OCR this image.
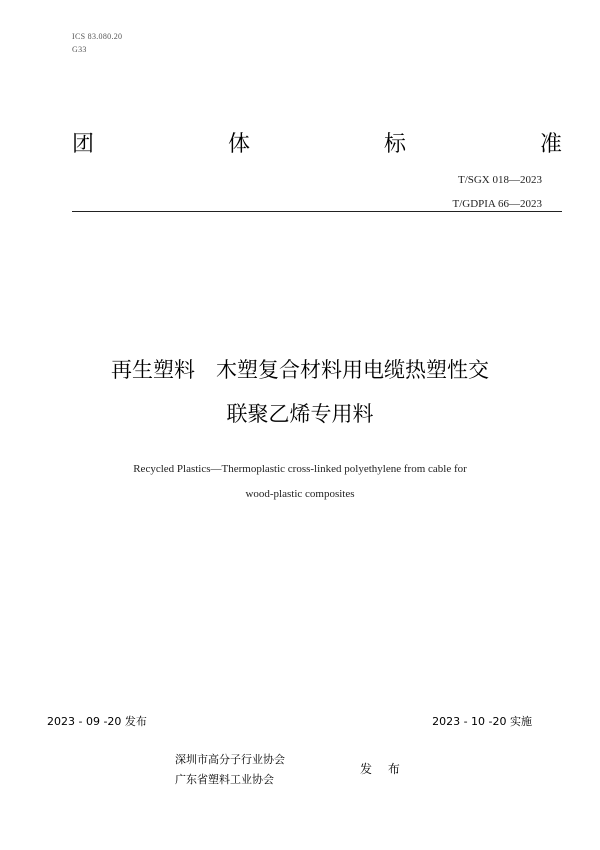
ICS 83.080.20
G33
团	体	标	准
T/SGX 018—2023
T/GDPIA 66—2023
再生塑料　木塑复合材料用电缆热塑性交
联聚乙烯专用料
Recycled Plastics—Thermoplastic cross-linked polyethylene from cable for
wood-plastic composites
2023 - 09 -20 发布	2023 - 10 -20 实施
深圳市高分子行业协会
广东省塑料工业协会
发 布
